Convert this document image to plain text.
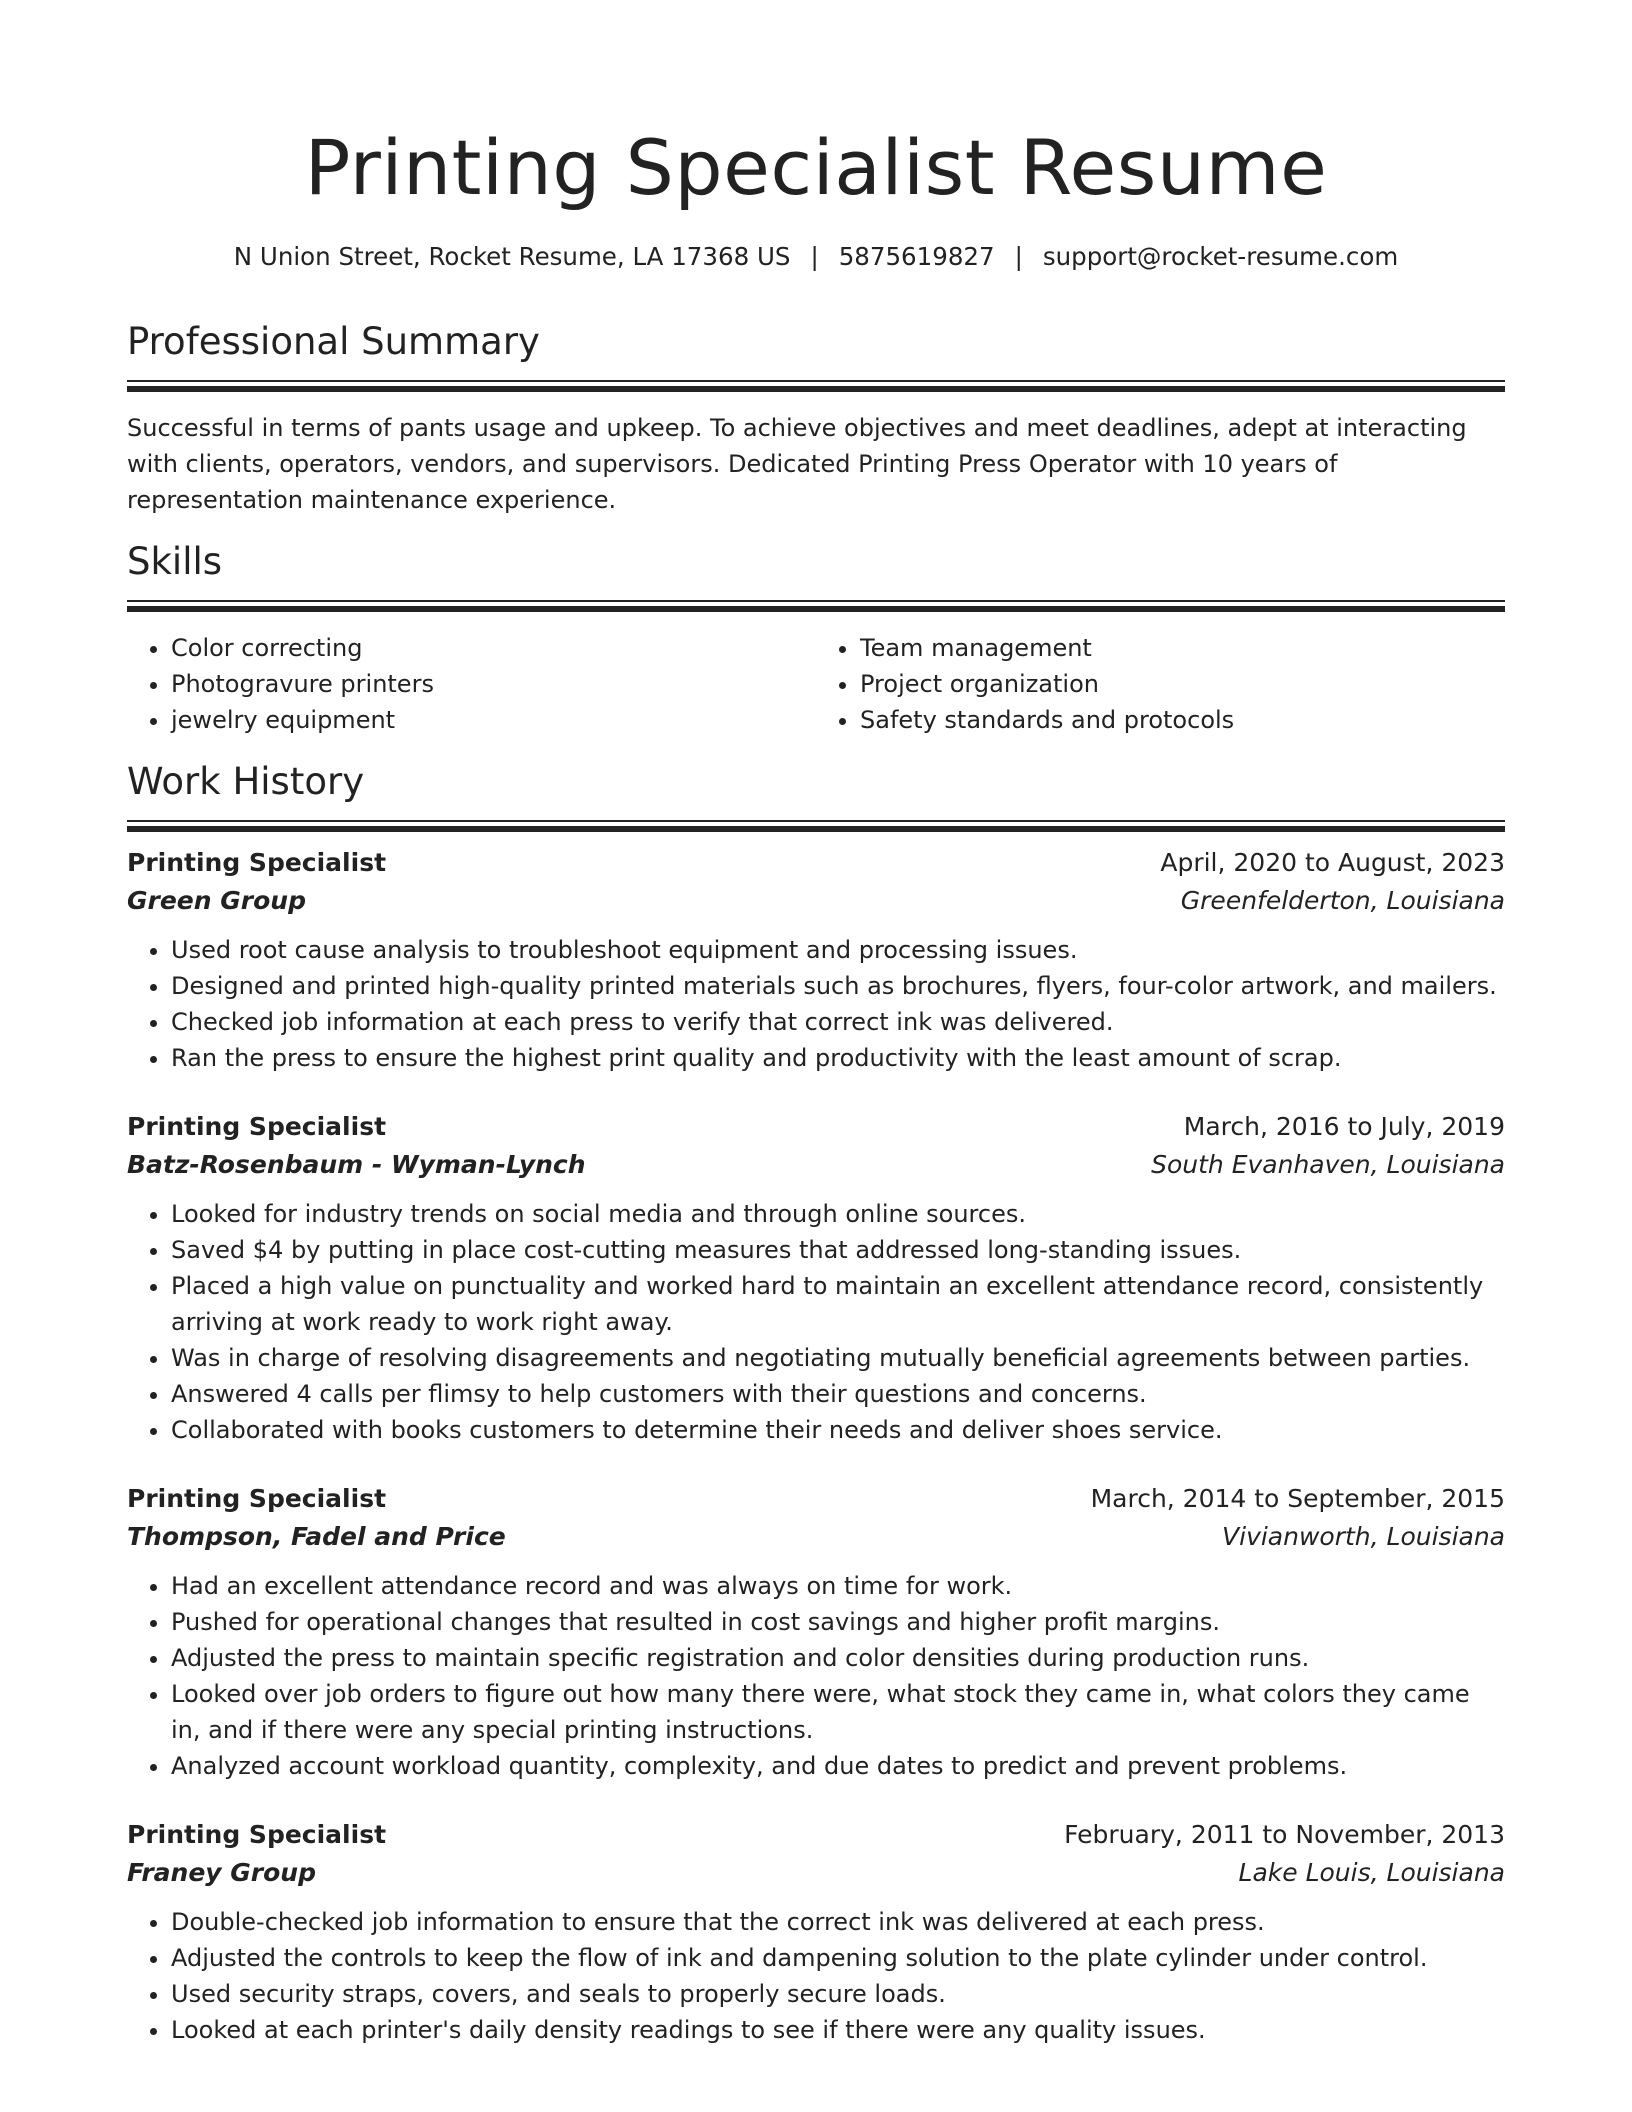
Printing Specialist Resume
N Union Street, Rocket Resume, LA 17368 US | 5875619827 | support@rocket-resume.com
Professional Summary
Successful in terms of pants usage and upkeep. To achieve objectives and meet deadlines, adept at interacting with clients, operators, vendors, and supervisors. Dedicated Printing Press Operator with 10 years of representation maintenance experience.
Skills
• Color correcting
• Photogravure printers
• jewelry equipment
• Team management
• Project organization
• Safety standards and protocols
Work History
Printing Specialist	April, 2020 to August, 2023
Green Group	Greenfelderton, Louisiana
• Used root cause analysis to troubleshoot equipment and processing issues.
• Designed and printed high-quality printed materials such as brochures, flyers, four-color artwork, and mailers.
• Checked job information at each press to verify that correct ink was delivered.
• Ran the press to ensure the highest print quality and productivity with the least amount of scrap.
Printing Specialist	March, 2016 to July, 2019
Batz-Rosenbaum - Wyman-Lynch	South Evanhaven, Louisiana
• Looked for industry trends on social media and through online sources.
• Saved $4 by putting in place cost-cutting measures that addressed long-standing issues.
• Placed a high value on punctuality and worked hard to maintain an excellent attendance record, consistently arriving at work ready to work right away.
• Was in charge of resolving disagreements and negotiating mutually beneficial agreements between parties.
• Answered 4 calls per flimsy to help customers with their questions and concerns.
• Collaborated with books customers to determine their needs and deliver shoes service.
Printing Specialist	March, 2014 to September, 2015
Thompson, Fadel and Price	Vivianworth, Louisiana
• Had an excellent attendance record and was always on time for work.
• Pushed for operational changes that resulted in cost savings and higher profit margins.
• Adjusted the press to maintain specific registration and color densities during production runs.
• Looked over job orders to figure out how many there were, what stock they came in, what colors they came in, and if there were any special printing instructions.
• Analyzed account workload quantity, complexity, and due dates to predict and prevent problems.
Printing Specialist	February, 2011 to November, 2013
Franey Group	Lake Louis, Louisiana
• Double-checked job information to ensure that the correct ink was delivered at each press.
• Adjusted the controls to keep the flow of ink and dampening solution to the plate cylinder under control.
• Used security straps, covers, and seals to properly secure loads.
• Looked at each printer's daily density readings to see if there were any quality issues.
